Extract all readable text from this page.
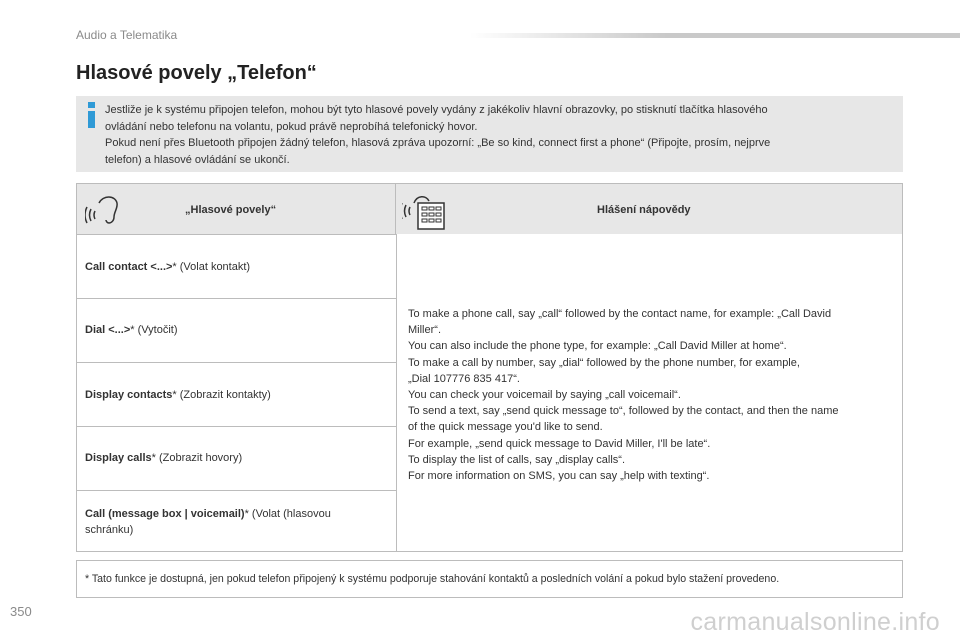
Audio a Telematika
Hlasové povely „Telefon“
Jestliže je k systému připojen telefon, mohou být tyto hlasové povely vydány z jakékoliv hlavní obrazovky, po stisknutí tlačítka hlasového
ovládání nebo telefonu na volantu, pokud právě neprobíhá telefonický hovor.
Pokud není přes Bluetooth připojen žádný telefon, hlasová zpráva upozorní: „Be so kind, connect first a phone“ (Připojte, prosím, nejprve
telefon) a hlasové ovládání se ukončí.
„Hlasové povely“	Hlášení nápovědy
Call contact <...>* (Volat kontakt)
Dial <...>* (Vytočit)
Display contacts* (Zobrazit kontakty)
Display calls* (Zobrazit hovory)
Call (message box | voicemail)* (Volat (hlasovou schránku)
To make a phone call, say „call“ followed by the contact name, for example: „Call David
Miller“.
You can also include the phone type, for example: „Call David Miller at home“.
To make a call by number, say „dial“ followed by the phone number, for example,
„Dial 107776 835 417“.
You can check your voicemail by saying „call voicemail“.
To send a text, say „send quick message to“, followed by the contact, and then the name
of the quick message you'd like to send.
For example, „send quick message to David Miller, I'll be late“.
To display the list of calls, say „display calls“.
For more information on SMS, you can say „help with texting“.
* Tato funkce je dostupná, jen pokud telefon připojený k systému podporuje stahování kontaktů a posledních volání a pokud bylo stažení provedeno.
350	carmanualsonline.info
